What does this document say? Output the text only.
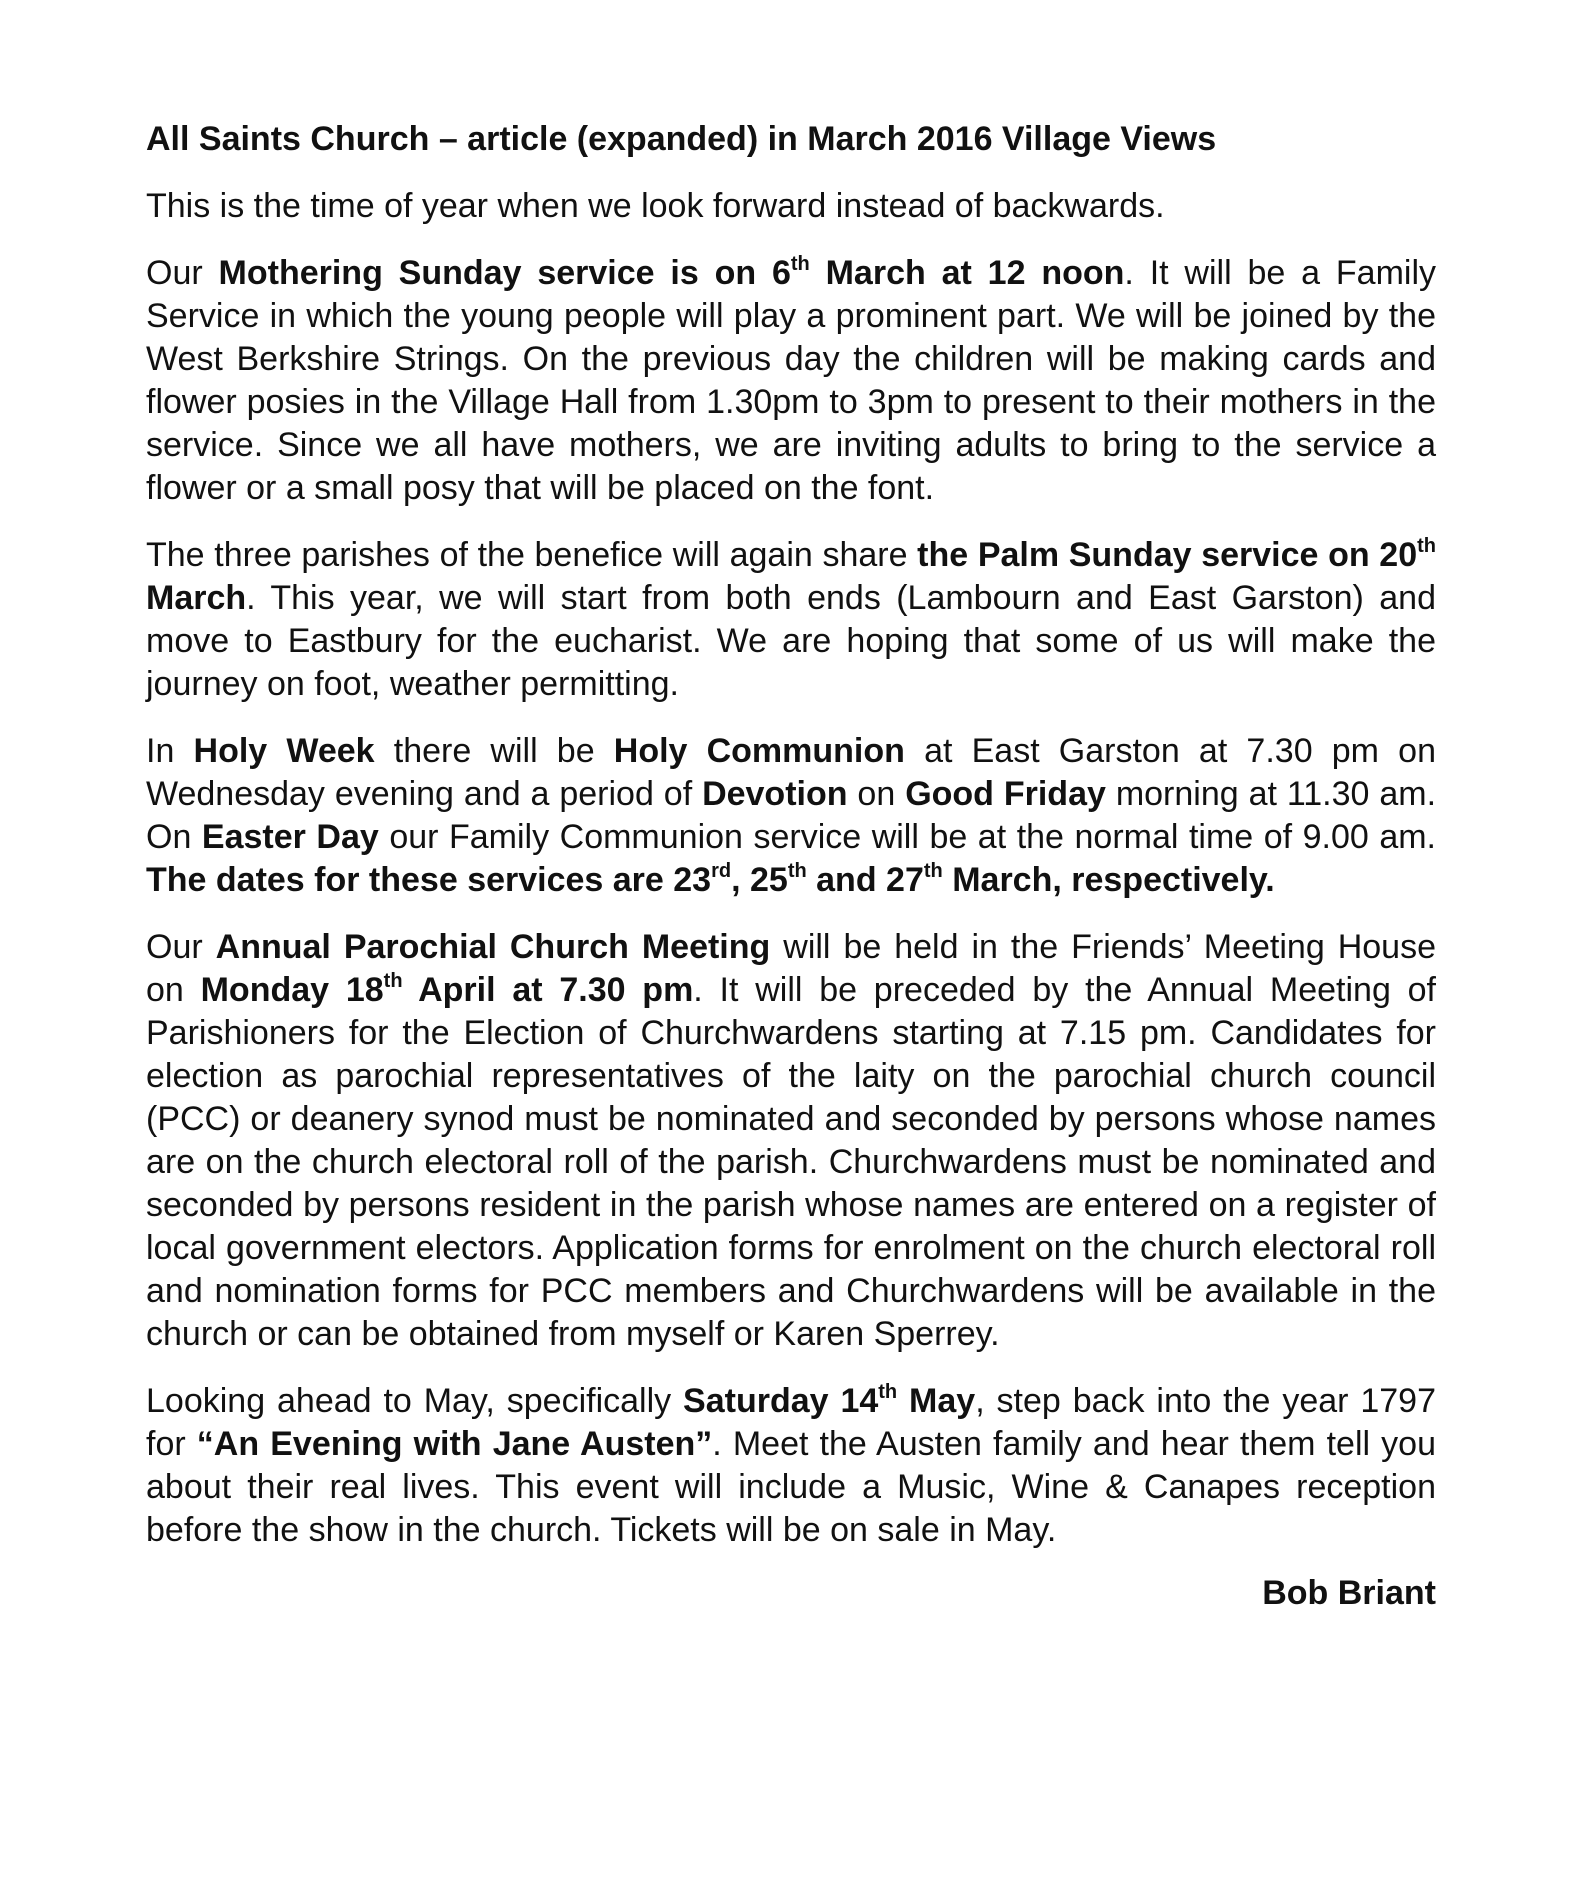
All Saints Church – article (expanded) in March 2016 Village Views

This is the time of year when we look forward instead of backwards.

Our Mothering Sunday service is on 6th March at 12 noon. It will be a Family Service in which the young people will play a prominent part. We will be joined by the West Berkshire Strings. On the previous day the children will be making cards and flower posies in the Village Hall from 1.30pm to 3pm to present to their mothers in the service. Since we all have mothers, we are inviting adults to bring to the service a flower or a small posy that will be placed on the font.

The three parishes of the benefice will again share the Palm Sunday service on 20th March. This year, we will start from both ends (Lambourn and East Garston) and move to Eastbury for the eucharist. We are hoping that some of us will make the journey on foot, weather permitting.

In Holy Week there will be Holy Communion at East Garston at 7.30 pm on Wednesday evening and a period of Devotion on Good Friday morning at 11.30 am. On Easter Day our Family Communion service will be at the normal time of 9.00 am. The dates for these services are 23rd, 25th and 27th March, respectively.

Our Annual Parochial Church Meeting will be held in the Friends’ Meeting House on Monday 18th April at 7.30 pm. It will be preceded by the Annual Meeting of Parishioners for the Election of Churchwardens starting at 7.15 pm. Candidates for election as parochial representatives of the laity on the parochial church council (PCC) or deanery synod must be nominated and seconded by persons whose names are on the church electoral roll of the parish. Churchwardens must be nominated and seconded by persons resident in the parish whose names are entered on a register of local government electors. Application forms for enrolment on the church electoral roll and nomination forms for PCC members and Churchwardens will be available in the church or can be obtained from myself or Karen Sperrey.

Looking ahead to May, specifically Saturday 14th May, step back into the year 1797 for “An Evening with Jane Austen”. Meet the Austen family and hear them tell you about their real lives. This event will include a Music, Wine & Canapes reception before the show in the church. Tickets will be on sale in May.

Bob Briant
